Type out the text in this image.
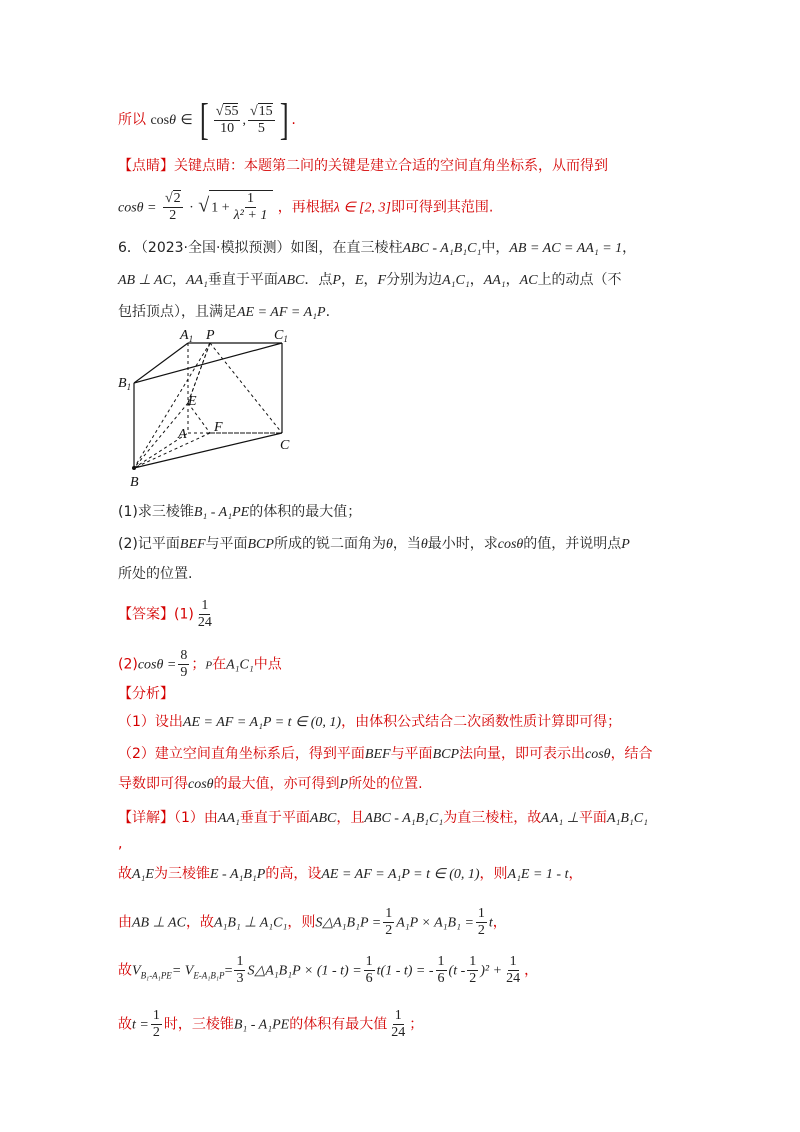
所以 cosθ ∈ [ $\frac{√55}{10}$ , $\frac{√15}{5}$ ] .
【点睛】关键点睛：本题第二问的关键是建立合适的空间直角坐标系，从而得到
$\cos\theta = \frac{√2}{2}$ · √ $1 + \frac{1}{\text{λ² + 1}}$ ，再根据λ ∈ [2, 3]即可得到其范围.
6．（2023·全国·模拟预测）如图，在直三棱柱ABC - A₁B₁C₁中，AB = AC = AA₁ = 1，
AB ⊥ AC，AA₁垂直于平面ABC．点P，E，F分别为边A₁C₁，AA₁，AC上的动点（不
包括顶点），且满足AE = AF = A₁P.
$A_1$ P	$C_1$
$B_1$
E
A F
C
B
(1)求三棱锥B₁ - A₁PE的体积的最大值；
(2)记平面BEF与平面BCP所成的锐二面角为θ，当θ最小时，求cosθ的值，并说明点P
所处的位置.
【答案】$(1) \frac{1}{24}$
$(2)\cos\theta = \frac{8}{9}$ ；P在A₁C₁中点
【分析】
（1）设出AE = AF = A₁P = t ∈ (0, 1)，由体积公式结合二次函数性质计算即可得；
（2）建立空间直角坐标系后，得到平面BEF与平面BCP法向量，即可表示出cosθ，结合
导数即可得cosθ的最大值，亦可得到P所处的位置.
【详解】（1）由AA₁垂直于平面ABC，且ABC - A₁B₁C₁为直三棱柱，故AA₁ ⊥平面A₁B₁C₁
,
故A₁E为三棱锥E - A₁B₁P的高，设AE = AF = A₁P = t ∈ (0, 1)，则A₁E = 1 - t，
由AB ⊥ AC，故A₁B₁ ⊥ A₁C₁，则S△A₁B₁P = $\frac{1}{2} A_1P \times A_1B_1 = \frac{1}{2}$ t，
故$V_{B_1-A_1PE}= V_{E-A_1B_1P}= \frac{1}{3}$ S△A₁B₁P × $(1 - t) = \frac{1}{6} t(1 - t)$ = - $\frac{1}{6} (t - \frac{1}{2} )^2 + \frac{1}{24}$ ，
故$t = \frac{1}{2}$ 时，三棱锥B₁ - A₁PE的体积有最大值 $\frac{1}{24}$ ；
